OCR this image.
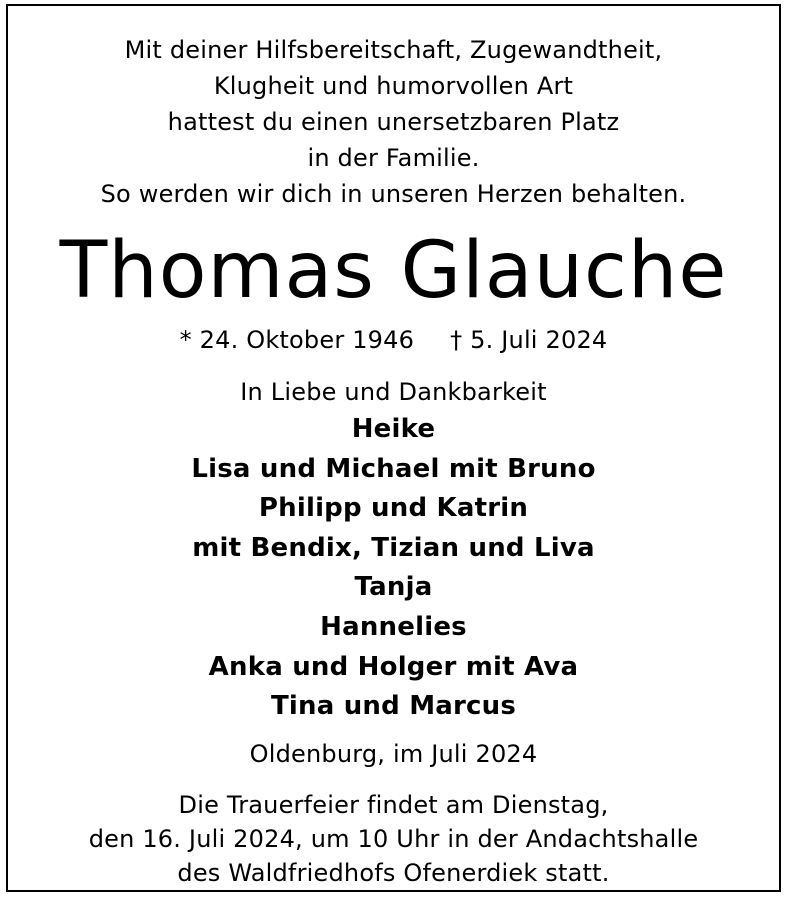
Mit deiner Hilfsbereitschaft, Zugewandtheit,
Klugheit und humorvollen Art
hattest du einen unersetzbaren Platz
in der Familie.
So werden wir dich in unseren Herzen behalten.
Thomas Glauche
* 24. Oktober 1946 † 5. Juli 2024
In Liebe und Dankbarkeit
Heike
Lisa und Michael mit Bruno
Philipp und Katrin
mit Bendix, Tizian und Liva
Tanja
Hannelies
Anka und Holger mit Ava
Tina und Marcus
Oldenburg, im Juli 2024
Die Trauerfeier findet am Dienstag,
den 16. Juli 2024, um 10 Uhr in der Andachtshalle
des Waldfriedhofs Ofenerdiek statt.
